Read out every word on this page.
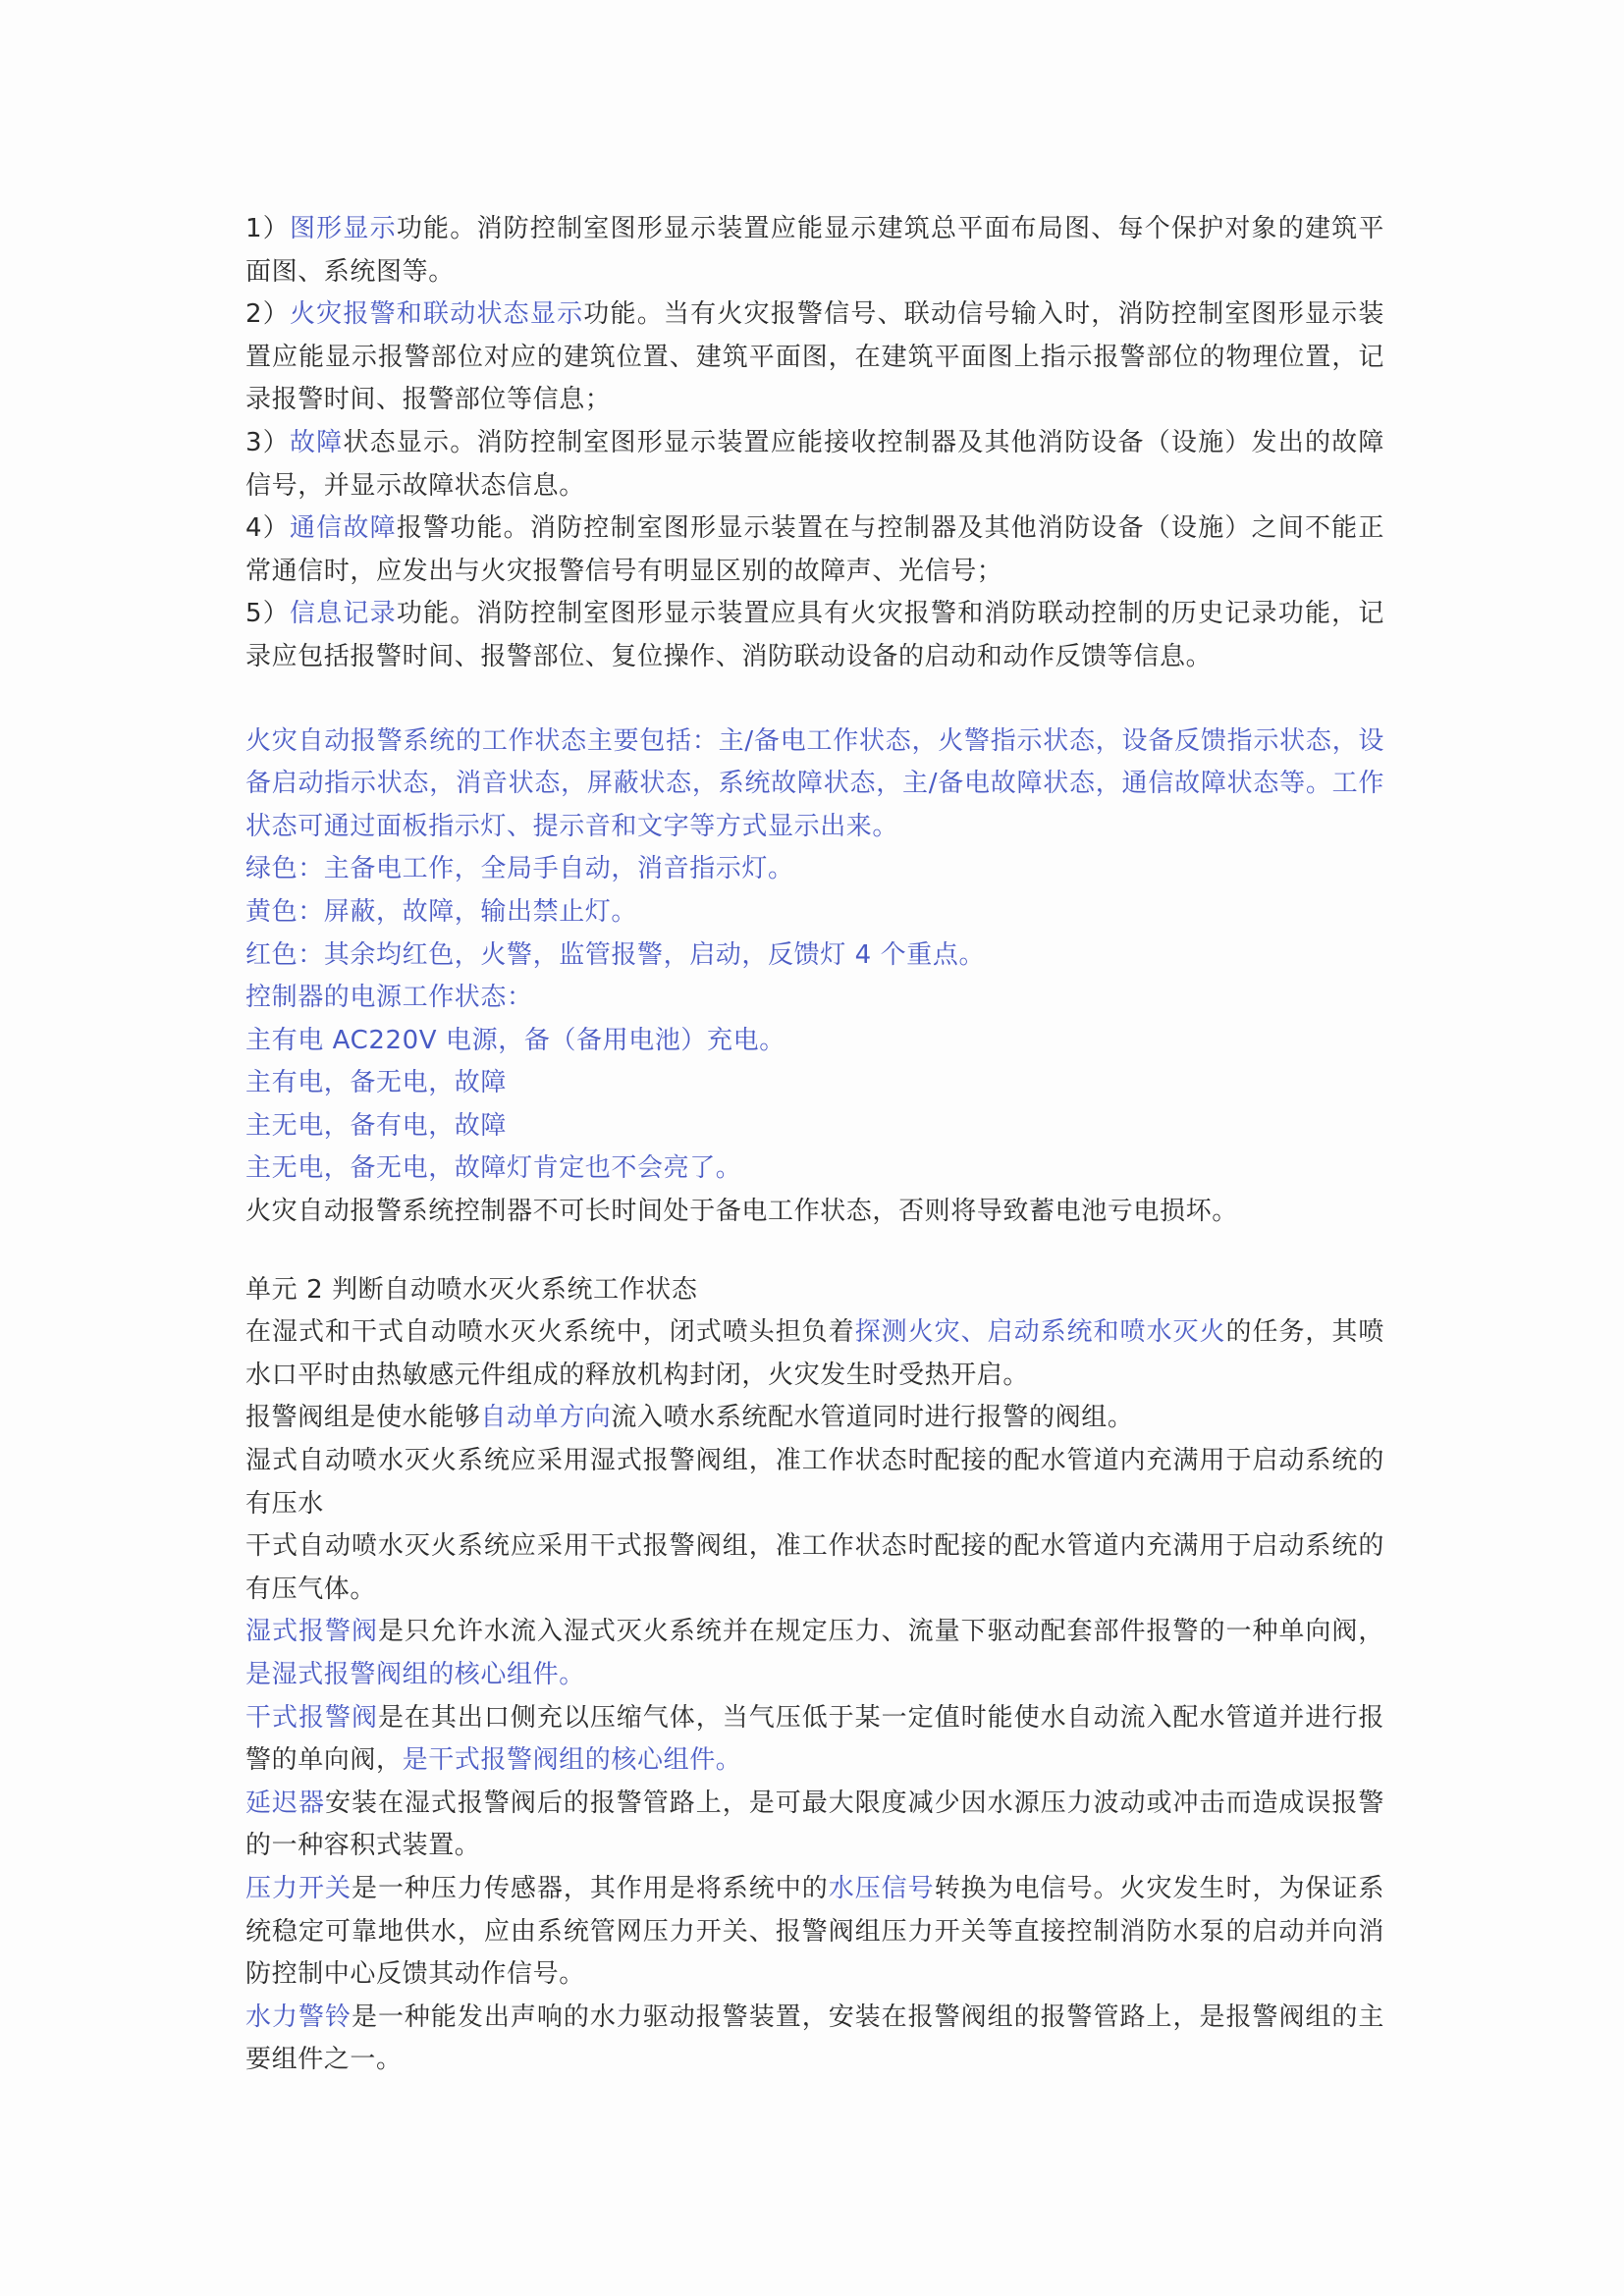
1）图形显示功能。消防控制室图形显示装置应能显示建筑总平面布局图、每个保护对象的建筑平面图、系统图等。

2）火灾报警和联动状态显示功能。当有火灾报警信号、联动信号输入时，消防控制室图形显示装置应能显示报警部位对应的建筑位置、建筑平面图，在建筑平面图上指示报警部位的物理位置，记录报警时间、报警部位等信息；

3）故障状态显示。消防控制室图形显示装置应能接收控制器及其他消防设备（设施）发出的故障信号，并显示故障状态信息。

4）通信故障报警功能。消防控制室图形显示装置在与控制器及其他消防设备（设施）之间不能正常通信时，应发出与火灾报警信号有明显区别的故障声、光信号；

5）信息记录功能。消防控制室图形显示装置应具有火灾报警和消防联动控制的历史记录功能，记录应包括报警时间、报警部位、复位操作、消防联动设备的启动和动作反馈等信息。

火灾自动报警系统的工作状态主要包括：主/备电工作状态，火警指示状态，设备反馈指示状态，设备启动指示状态，消音状态，屏蔽状态，系统故障状态，主/备电故障状态，通信故障状态等。工作状态可通过面板指示灯、提示音和文字等方式显示出来。

绿色：主备电工作，全局手自动，消音指示灯。

黄色：屏蔽，故障，输出禁止灯。

红色：其余均红色，火警，监管报警，启动，反馈灯 4 个重点。

控制器的电源工作状态：

主有电 AC220V 电源，备（备用电池）充电。

主有电，备无电，故障

主无电，备有电，故障

主无电，备无电，故障灯肯定也不会亮了。

火灾自动报警系统控制器不可长时间处于备电工作状态，否则将导致蓄电池亏电损坏。

单元 2 判断自动喷水灭火系统工作状态

在湿式和干式自动喷水灭火系统中，闭式喷头担负着探测火灾、启动系统和喷水灭火的任务，其喷水口平时由热敏感元件组成的释放机构封闭，火灾发生时受热开启。

报警阀组是使水能够自动单方向流入喷水系统配水管道同时进行报警的阀组。

湿式自动喷水灭火系统应采用湿式报警阀组，准工作状态时配接的配水管道内充满用于启动系统的有压水

干式自动喷水灭火系统应采用干式报警阀组，准工作状态时配接的配水管道内充满用于启动系统的有压气体。

湿式报警阀是只允许水流入湿式灭火系统并在规定压力、流量下驱动配套部件报警的一种单向阀，是湿式报警阀组的核心组件。

干式报警阀是在其出口侧充以压缩气体，当气压低于某一定值时能使水自动流入配水管道并进行报警的单向阀，是干式报警阀组的核心组件。

延迟器安装在湿式报警阀后的报警管路上，是可最大限度减少因水源压力波动或冲击而造成误报警的一种容积式装置。

压力开关是一种压力传感器，其作用是将系统中的水压信号转换为电信号。火灾发生时，为保证系统稳定可靠地供水，应由系统管网压力开关、报警阀组压力开关等直接控制消防水泵的启动并向消防控制中心反馈其动作信号。

水力警铃是一种能发出声响的水力驱动报警装置，安装在报警阀组的报警管路上，是报警阀组的主要组件之一。
